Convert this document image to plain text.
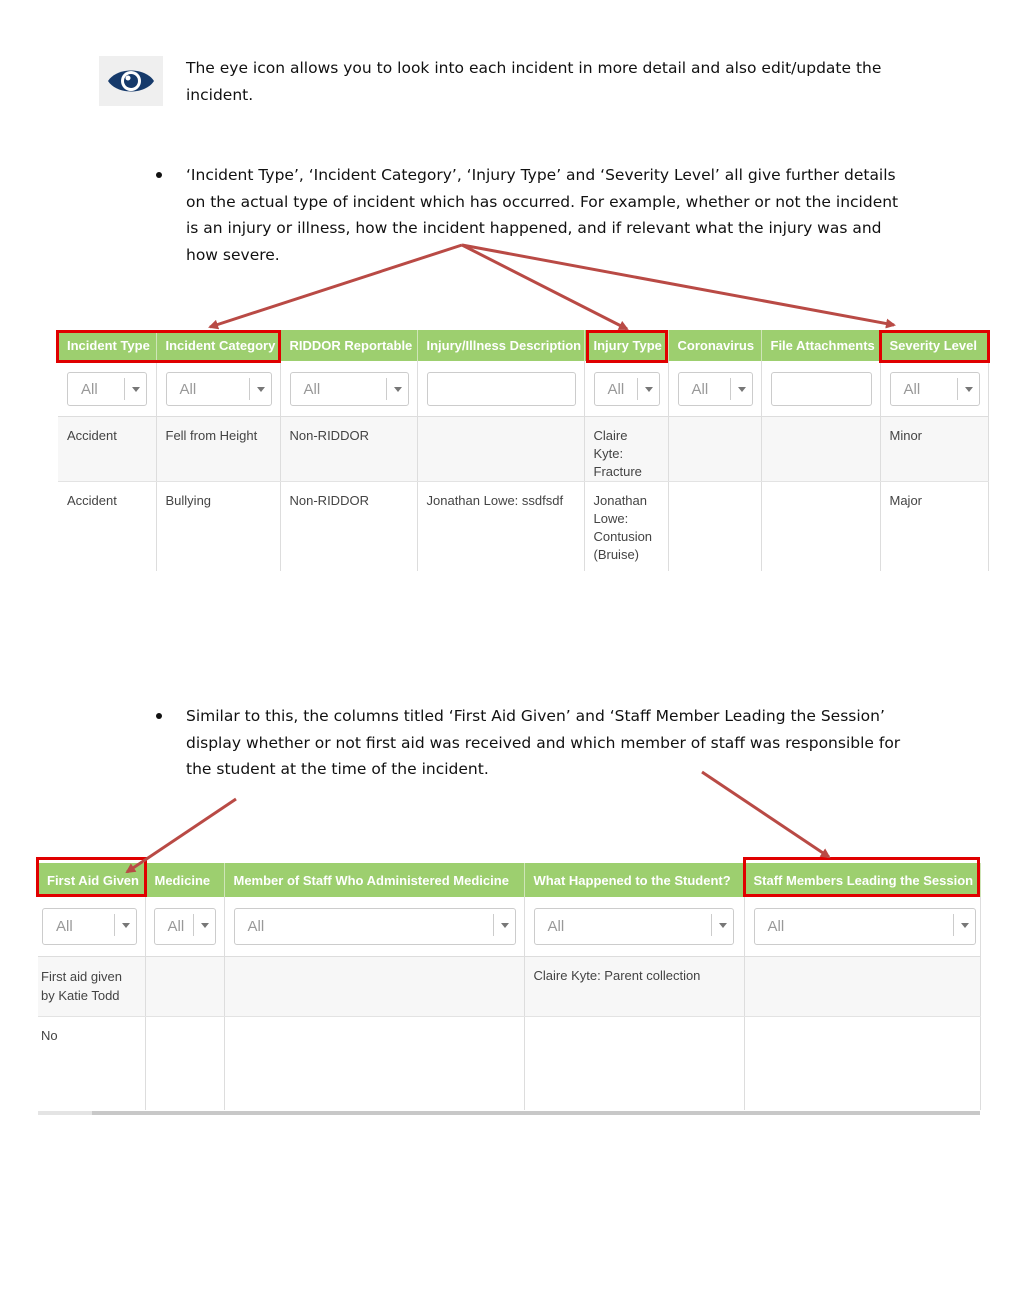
The eye icon allows you to look into each incident in more detail and also edit/update the
incident.
‘Incident Type’, ‘Incident Category’, ‘Injury Type’ and ‘Severity Level’ all give further details
on the actual type of incident which has occurred. For example, whether or not the incident
is an injury or illness, how the incident happened, and if relevant what the injury was and
how severe.
Incident Type	Incident Category	RIDDOR Reportable	Injury/Illness Description	Injury Type	Coronavirus	File Attachments	Severity Level

All	All	All		All	All		All

Accident	Fell from Height	Non-RIDDOR		Claire Kyte: Fracture			Minor
Accident	Bullying	Non-RIDDOR	Jonathan Lowe: ssdfsdf	Jonathan Lowe: Contusion (Bruise)			Major
Similar to this, the columns titled ‘First Aid Given’ and ‘Staff Member Leading the Session’
display whether or not first aid was received and which member of staff was responsible for
the student at the time of the incident.
First Aid Given	Medicine	Member of Staff Who Administered Medicine	What Happened to the Student?	Staff Members Leading the Session

All	All	All	All	All

First aid given by Katie Todd			Claire Kyte: Parent collection	
No				
